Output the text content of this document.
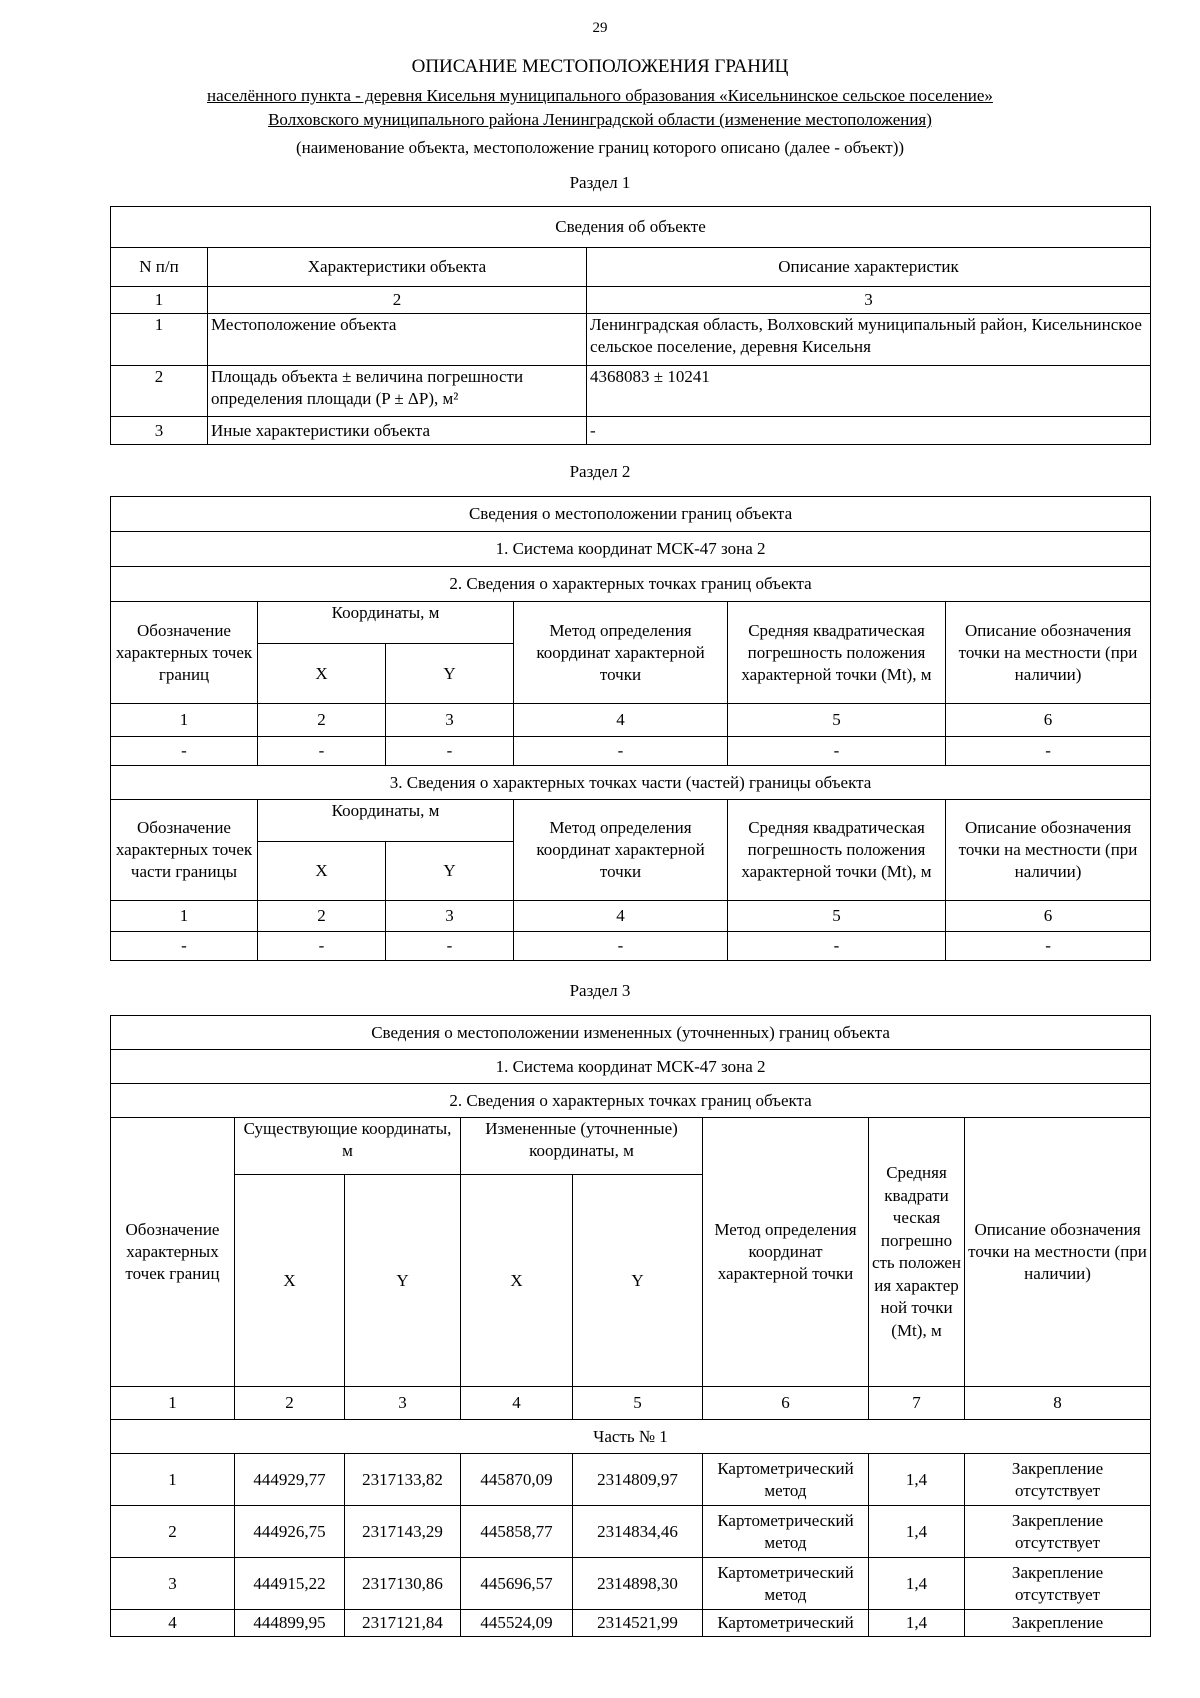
29
ОПИСАНИЕ МЕСТОПОЛОЖЕНИЯ ГРАНИЦ
населённого пункта - деревня Кисельня муниципального образования «Кисельнинское сельское поселение»
Волховского муниципального района Ленинградской области (изменение местоположения)
(наименование объекта, местоположение границ которого описано (далее - объект))
Раздел 1
Сведения об объекте		
N п/п	Характеристики объекта	Описание характеристик
1	2	3
1	Местоположение объекта	Ленинградская область, Волховский муниципальный район, Кисельнинское сельское поселение, деревня Кисельня
2	Площадь объекта ± величина погрешности определения площади (P ± ΔP), м²	4368083 ± 10241
3	Иные характеристики объекта	-
Раздел 2
Сведения о местоположении границ объекта					
1. Система координат МСК-47 зона 2					
2. Сведения о характерных точках границ объекта					
Обозначение характерных точек границ	Координаты, м		Метод определения координат характерной точки	Средняя квадратическая погрешность положения характерной точки (Mt), м	Описание обозначения точки на местности (при наличии)
	X	Y			
1	2	3	4	5	6
-	-	-	-	-	-
3. Сведения о характерных точках части (частей) границы объекта					
Обозначение характерных точек части границы	Координаты, м		Метод определения координат характерной точки	Средняя квадратическая погрешность положения характерной точки (Mt), м	Описание обозначения точки на местности (при наличии)
	X	Y			
1	2	3	4	5	6
-	-	-	-	-	-
Раздел 3
Сведения о местоположении измененных (уточненных) границ объекта							
1. Система координат МСК-47 зона 2							
2. Сведения о характерных точках границ объекта							
Обозначение характерных точек границ	Существующие координаты, м		Измененные (уточненные) координаты, м		Метод определения координат характерной точки	Средняя квадрати ческая погрешно сть положен ия характер ной точки (Mt), м	Описание обозначения точки на местности (при наличии)
	X	Y	X	Y			
1	2	3	4	5	6	7	8
Часть № 1							
1	444929,77	2317133,82	445870,09	2314809,97	Картометрический метод	1,4	Закрепление отсутствует
2	444926,75	2317143,29	445858,77	2314834,46	Картометрический метод	1,4	Закрепление отсутствует
3	444915,22	2317130,86	445696,57	2314898,30	Картометрический метод	1,4	Закрепление отсутствует
4	444899,95	2317121,84	445524,09	2314521,99	Картометрический	1,4	Закрепление
